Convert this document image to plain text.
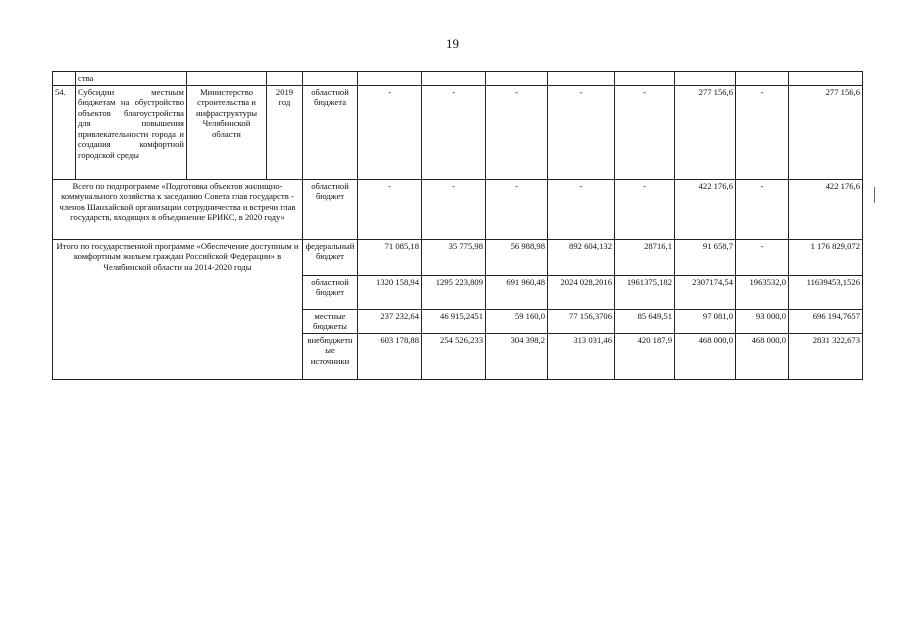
19
	ства											
54.	Субсидии местным бюджетам на обустройство объектов благоустройства для повышения привлекательности города и создания комфортной городской среды	Министерство строительства и инфраструктуры Челябинской области	2019 год	областной бюджета	-	-	-	-	-	277 156,6	-	277 156,6
Всего по подпрограмме «Подготовка объектов жилищно-коммунального хозяйства к заседанию Совета глав государств - членов Шанхайской организации сотрудничества и встречи глав государств, входящих в объединение БРИКС, в 2020 году»				областной бюджет	-	-	-	-	-	422 176,6	-	422 176,6
Итого по государственной программе «Обеспечение доступным и комфортным жильем граждан Российской Федерации» в Челябинской области на 2014-2020 годы				федеральный бюджет	71 085,18	35 775,98	56 988,98	892 604,132	28716,1	91 658,7	-	1 176 829,072
				областной бюджет	1320 158,94	1295 223,809	691 960,48	2024 028,2016	1961375,182	2307174,54	1963532,0	11639453,1526
				местные бюджеты	237 232,64	46 915,2451	59 160,0	77 156,3706	85 649,51	97 081,0	93 000,0	696 194,7657
				внебюджетные источники	603 178,88	254 526,233	304 398,2	313 031,46	420 187,9	468 000,0	468 000,0	2831 322,673
